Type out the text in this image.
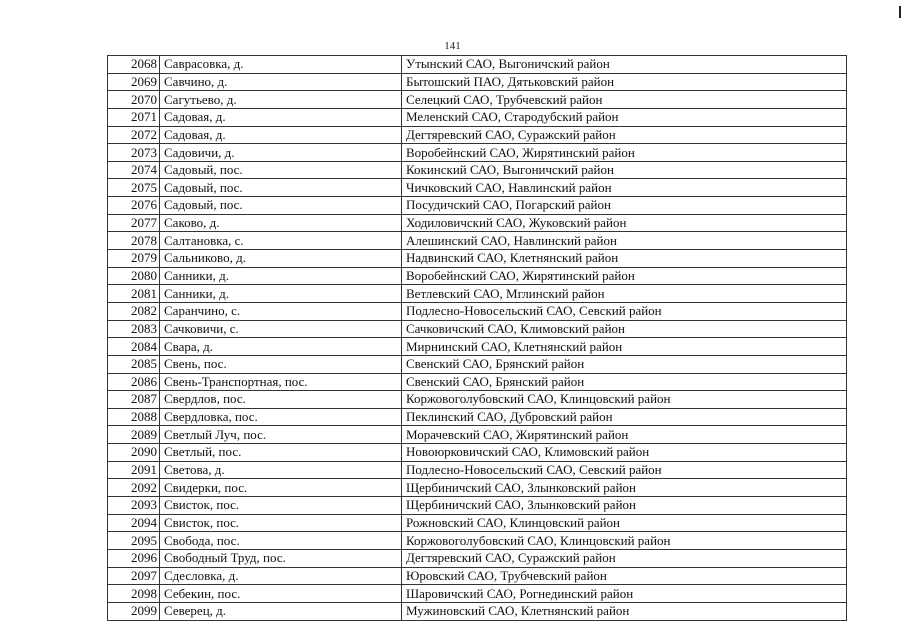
141
2068	Саврасовка, д.	Утынский САО, Выгоничский район
2069	Савчино, д.	Бытошский ПАО, Дятьковский район
2070	Сагутьево, д.	Селецкий САО, Трубчевский район
2071	Садовая, д.	Меленский САО, Стародубский район
2072	Садовая, д.	Дегтяревский САО, Суражский район
2073	Садовичи, д.	Воробейнский САО, Жирятинский район
2074	Садовый, пос.	Кокинский САО, Выгоничский район
2075	Садовый, пос.	Чичковский САО, Навлинский район
2076	Садовый, пос.	Посудичский САО, Погарский район
2077	Саково, д.	Ходиловичский САО, Жуковский район
2078	Салтановка, с.	Алешинский САО, Навлинский район
2079	Сальниково, д.	Надвинский САО, Клетнянский район
2080	Санники, д.	Воробейнский САО, Жирятинский район
2081	Санники, д.	Ветлевский САО, Мглинский район
2082	Саранчино, с.	Подлесно-Новосельский САО, Севский район
2083	Сачковичи, с.	Сачковичский САО, Климовский район
2084	Свара, д.	Мирнинский САО, Клетнянский район
2085	Свень, пос.	Свенский САО, Брянский район
2086	Свень-Транспортная, пос.	Свенский САО, Брянский район
2087	Свердлов, пос.	Коржовоголубовский САО, Клинцовский район
2088	Свердловка, пос.	Пеклинский САО, Дубровский район
2089	Светлый Луч, пос.	Морачевский САО, Жирятинский район
2090	Светлый, пос.	Новоюрковичский САО, Климовский район
2091	Светова, д.	Подлесно-Новосельский САО, Севский район
2092	Свидерки, пос.	Щербиничский САО, Злынковский район
2093	Свисток, пос.	Щербиничский САО, Злынковский район
2094	Свисток, пос.	Рожновский САО, Клинцовский район
2095	Свобода, пос.	Коржовоголубовский САО, Клинцовский район
2096	Свободный Труд, пос.	Дегтяревский САО, Суражский район
2097	Сдесловка, д.	Юровский САО, Трубчевский район
2098	Себекин, пос.	Шаровичский САО, Рогнединский район
2099	Северец, д.	Мужиновский САО, Клетнянский район
